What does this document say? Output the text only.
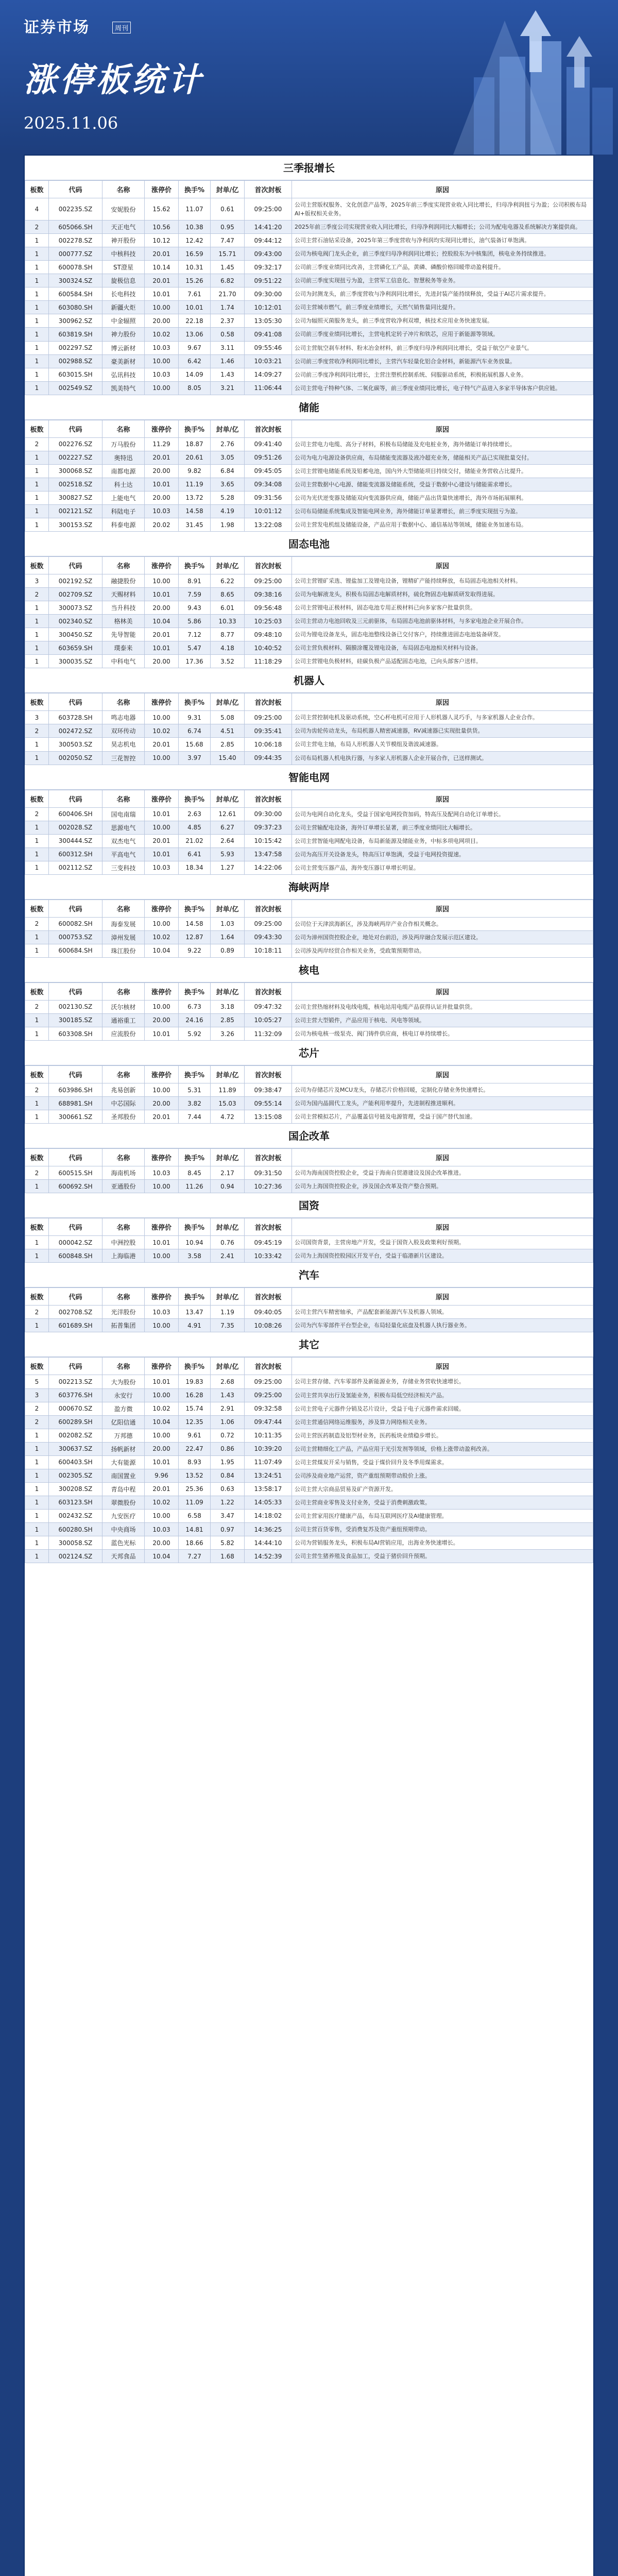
证券市场	周刊
涨停板统计
2025.11.06
三季报增长
板数	代码	名称	涨停价	换手%	封单/亿	首次封板	原因
4	002235.SZ	安妮股份	15.62	11.07	0.61	09:25:00	公司主营版权服务、文化创意产品等，2025年前三季度实现营业收入同比增长，归母净利润扭亏为盈；公司积极布局AI+版权相关业务。
2	605066.SH	天正电气	10.56	10.38	0.95	14:41:20	2025年前三季度公司实现营业收入同比增长，归母净利润同比大幅增长；公司为配电电器及系统解决方案提供商。
1	002278.SZ	神开股份	10.12	12.42	7.47	09:44:12	公司主营石油钻采设备，2025年第三季度营收与净利润均实现同比增长，油气装备订单饱满。
1	000777.SZ	中核科技	20.01	16.59	15.71	09:43:00	公司为核电阀门龙头企业，前三季度归母净利润同比增长；控股股东为中核集团，核电业务持续推进。
1	600078.SH	ST澄星	10.14	10.31	1.45	09:32:17	公司前三季度业绩同比改善，主营磷化工产品，黄磷、磷酸价格回暖带动盈利提升。
1	300324.SZ	旋极信息	20.01	15.26	6.82	09:51:22	公司前三季度实现扭亏为盈，主营军工信息化、智慧税务等业务。
1	600584.SH	长电科技	10.01	7.61	21.70	09:30:00	公司为封测龙头，前三季度营收与净利润同比增长，先进封装产能持续释放，受益于AI芯片需求提升。
1	603080.SH	新疆火炬	10.00	10.01	1.74	10:12:01	公司主营城市燃气，前三季度业绩增长，天然气销售量同比提升。
1	300962.SZ	中金辐照	20.00	22.18	2.37	13:05:30	公司为辐照灭菌服务龙头，前三季度营收净利双增，核技术应用业务快速发展。
1	603819.SH	神力股份	10.02	13.06	0.58	09:41:08	公司前三季度业绩同比增长，主营电机定转子冲片和铁芯，应用于新能源等领域。
1	002297.SZ	博云新材	10.03	9.67	3.11	09:55:46	公司主营航空刹车材料、粉末冶金材料，前三季度归母净利润同比增长，受益于航空产业景气。
1	002988.SZ	豪美新材	10.00	6.42	1.46	10:03:21	公司前三季度营收净利润同比增长，主营汽车轻量化铝合金材料，新能源汽车业务放量。
1	603015.SH	弘讯科技	10.03	14.09	1.43	14:09:27	公司前三季度净利润同比增长，主营注塑机控制系统、伺服驱动系统，积极拓展机器人业务。
1	002549.SZ	凯美特气	10.00	8.05	3.21	11:06:44	公司主营电子特种气体、二氧化碳等，前三季度业绩同比增长，电子特气产品进入多家半导体客户供应链。
储能
板数	代码	名称	涨停价	换手%	封单/亿	首次封板	原因
2	002276.SZ	万马股份	11.29	18.87	2.76	09:41:40	公司主营电力电缆、高分子材料，积极布局储能及充电桩业务，海外储能订单持续增长。
1	002227.SZ	奥特迅	20.01	20.61	3.05	09:51:26	公司为电力电源设备供应商，布局储能变流器及液冷超充业务，储能相关产品已实现批量交付。
1	300068.SZ	南都电源	20.00	9.82	6.84	09:45:05	公司主营锂电储能系统及铅蓄电池，国内外大型储能项目持续交付，储能业务营收占比提升。
1	002518.SZ	科士达	10.01	11.19	3.65	09:34:08	公司主营数据中心电源、储能变流器及储能系统，受益于数据中心建设与储能需求增长。
1	300827.SZ	上能电气	20.00	13.72	5.28	09:31:56	公司为光伏逆变器及储能双向变流器供应商，储能产品出货量快速增长，海外市场拓展顺利。
1	002121.SZ	科陆电子	10.03	14.58	4.19	10:01:12	公司布局储能系统集成及智能电网业务，海外储能订单显著增长，前三季度实现扭亏为盈。
1	300153.SZ	科泰电源	20.02	31.45	1.98	13:22:08	公司主营发电机组及储能设备，产品应用于数据中心、通信基站等领域，储能业务加速布局。
固态电池
板数	代码	名称	涨停价	换手%	封单/亿	首次封板	原因
3	002192.SZ	融捷股份	10.00	8.91	6.22	09:25:00	公司主营锂矿采选、锂盐加工及锂电设备，锂精矿产能持续释放，布局固态电池相关材料。
2	002709.SZ	天赐材料	10.01	7.59	8.65	09:38:16	公司为电解液龙头，积极布局固态电解质材料，硫化物固态电解质研发取得进展。
1	300073.SZ	当升科技	20.00	9.43	6.01	09:56:48	公司主营锂电正极材料，固态电池专用正极材料已向多家客户批量供货。
1	002340.SZ	格林美	10.04	5.86	10.33	10:25:03	公司主营动力电池回收及三元前驱体，布局固态电池前驱体材料，与多家电池企业开展合作。
1	300450.SZ	先导智能	20.01	7.12	8.77	09:48:10	公司为锂电设备龙头，固态电池整线设备已交付客户，持续推进固态电池装备研发。
1	603659.SH	璞泰来	10.01	5.47	4.18	10:40:52	公司主营负极材料、隔膜涂覆及锂电设备，布局固态电池相关材料与设备。
1	300035.SZ	中科电气	20.00	17.36	3.52	11:18:29	公司主营锂电负极材料，硅碳负极产品适配固态电池，已向头部客户送样。
机器人
板数	代码	名称	涨停价	换手%	封单/亿	首次封板	原因
3	603728.SH	鸣志电器	10.00	9.31	5.08	09:25:00	公司主营控制电机及驱动系统，空心杯电机可应用于人形机器人灵巧手，与多家机器人企业合作。
2	002472.SZ	双环传动	10.02	6.74	4.51	09:35:41	公司为齿轮传动龙头，布局机器人精密减速器，RV减速器已实现批量供货。
1	300503.SZ	昊志机电	20.01	15.68	2.85	10:06:18	公司主营电主轴，布局人形机器人关节模组及谐波减速器。
1	002050.SZ	三花智控	10.00	3.97	15.40	09:44:35	公司布局机器人机电执行器，与多家人形机器人企业开展合作，已送样测试。
智能电网
板数	代码	名称	涨停价	换手%	封单/亿	首次封板	原因
2	600406.SH	国电南瑞	10.01	2.63	12.61	09:30:00	公司为电网自动化龙头，受益于国家电网投资加码，特高压及配网自动化订单增长。
1	002028.SZ	思源电气	10.00	4.85	6.27	09:37:23	公司主营输配电设备，海外订单增长显著，前三季度业绩同比大幅增长。
1	300444.SZ	双杰电气	20.01	21.02	2.64	10:15:42	公司主营智能电网配电设备，布局新能源及储能业务，中标多项电网项目。
1	600312.SH	平高电气	10.01	6.41	5.93	13:47:58	公司为高压开关设备龙头，特高压订单饱满，受益于电网投资提速。
1	002112.SZ	三变科技	10.03	18.34	1.27	14:22:06	公司主营变压器产品，海外变压器订单增长明显。
海峡两岸
板数	代码	名称	涨停价	换手%	封单/亿	首次封板	原因
2	600082.SH	海泰发展	10.00	14.58	1.03	09:25:00	公司位于天津滨海新区，涉及海峡两岸产业合作相关概念。
1	000753.SZ	漳州发展	10.02	12.87	1.64	09:43:30	公司为漳州国资控股企业，地处对台前沿，涉及两岸融合发展示范区建设。
1	600684.SH	珠江股份	10.04	9.22	0.89	10:18:11	公司涉及两岸经贸合作相关业务，受政策预期带动。
核电
板数	代码	名称	涨停价	换手%	封单/亿	首次封板	原因
2	002130.SZ	沃尔核材	10.00	6.73	3.18	09:47:32	公司主营热缩材料及电线电缆，核电站用电缆产品获得认证并批量供货。
1	300185.SZ	通裕重工	20.00	24.16	2.85	10:05:27	公司主营大型锻件，产品应用于核电、风电等领域。
1	603308.SH	应流股份	10.01	5.92	3.26	11:32:09	公司为核电核一级泵壳、阀门铸件供应商，核电订单持续增长。
芯片
板数	代码	名称	涨停价	换手%	封单/亿	首次封板	原因
2	603986.SH	兆易创新	10.00	5.31	11.89	09:38:47	公司为存储芯片及MCU龙头，存储芯片价格回暖，定制化存储业务快速增长。
1	688981.SH	中芯国际	20.00	3.82	15.03	09:55:14	公司为国内晶圆代工龙头，产能利用率提升，先进制程推进顺利。
1	300661.SZ	圣邦股份	20.01	7.44	4.72	13:15:08	公司主营模拟芯片，产品覆盖信号链及电源管理，受益于国产替代加速。
国企改革
板数	代码	名称	涨停价	换手%	封单/亿	首次封板	原因
2	600515.SH	海南机场	10.03	8.45	2.17	09:31:50	公司为海南国资控股企业，受益于海南自贸港建设及国企改革推进。
1	600692.SH	亚通股份	10.00	11.26	0.94	10:27:36	公司为上海国资控股企业，涉及国企改革及资产整合预期。
国资
板数	代码	名称	涨停价	换手%	封单/亿	首次封板	原因
1	000042.SZ	中洲控股	10.01	10.94	0.76	09:45:19	公司国资背景，主营房地产开发，受益于国资入股及政策利好预期。
1	600848.SH	上海临港	10.00	3.58	2.41	10:33:42	公司为上海国资控股园区开发平台，受益于临港新片区建设。
汽车
板数	代码	名称	涨停价	换手%	封单/亿	首次封板	原因
2	002708.SZ	光洋股份	10.03	13.47	1.19	09:40:05	公司主营汽车精密轴承，产品配套新能源汽车及机器人领域。
1	601689.SH	拓普集团	10.00	4.91	7.35	10:08:26	公司为汽车零部件平台型企业，布局轻量化底盘及机器人执行器业务。
其它
板数	代码	名称	涨停价	换手%	封单/亿	首次封板	原因
5	002213.SZ	大为股份	10.01	19.83	2.68	09:25:00	公司主营存储、汽车零部件及新能源业务，存储业务营收快速增长。
3	603776.SH	永安行	10.00	16.28	1.43	09:25:00	公司主营共享出行及氢能业务，积极布局低空经济相关产品。
2	000670.SZ	盈方微	10.02	15.74	2.91	09:32:58	公司主营电子元器件分销及芯片设计，受益于电子元器件需求回暖。
2	600289.SH	亿阳信通	10.04	12.35	1.06	09:47:44	公司主营通信网络运维服务，涉及算力网络相关业务。
1	002082.SZ	万邦德	10.00	9.61	0.72	10:11:35	公司主营医药制造及铝型材业务，医药板块业绩稳步增长。
1	300637.SZ	扬帆新材	20.00	22.47	0.86	10:39:20	公司主营精细化工产品，产品应用于光引发剂等领域，价格上涨带动盈利改善。
1	600403.SH	大有能源	10.01	8.93	1.95	11:07:49	公司主营煤炭开采与销售，受益于煤价回升及冬季用煤需求。
1	002305.SZ	南国置业	9.96	13.52	0.84	13:24:51	公司涉及商业地产运营，资产重组预期带动股价上涨。
1	300208.SZ	青岛中程	20.01	25.36	0.63	13:58:17	公司主营大宗商品贸易及矿产资源开发。
1	603123.SH	翠微股份	10.02	11.09	1.22	14:05:33	公司主营商业零售及支付业务，受益于消费刺激政策。
1	002432.SZ	九安医疗	10.00	6.58	3.47	14:18:02	公司主营家用医疗健康产品，布局互联网医疗及AI健康管理。
1	600280.SH	中央商场	10.03	14.81	0.97	14:36:25	公司主营百货零售，受消费复苏及资产重组预期带动。
1	300058.SZ	蓝色光标	20.00	18.66	5.82	14:44:10	公司为营销服务龙头，积极布局AI营销应用，出海业务快速增长。
1	002124.SZ	天邦食品	10.04	7.27	1.68	14:52:39	公司主营生猪养殖及食品加工，受益于猪价回升预期。
